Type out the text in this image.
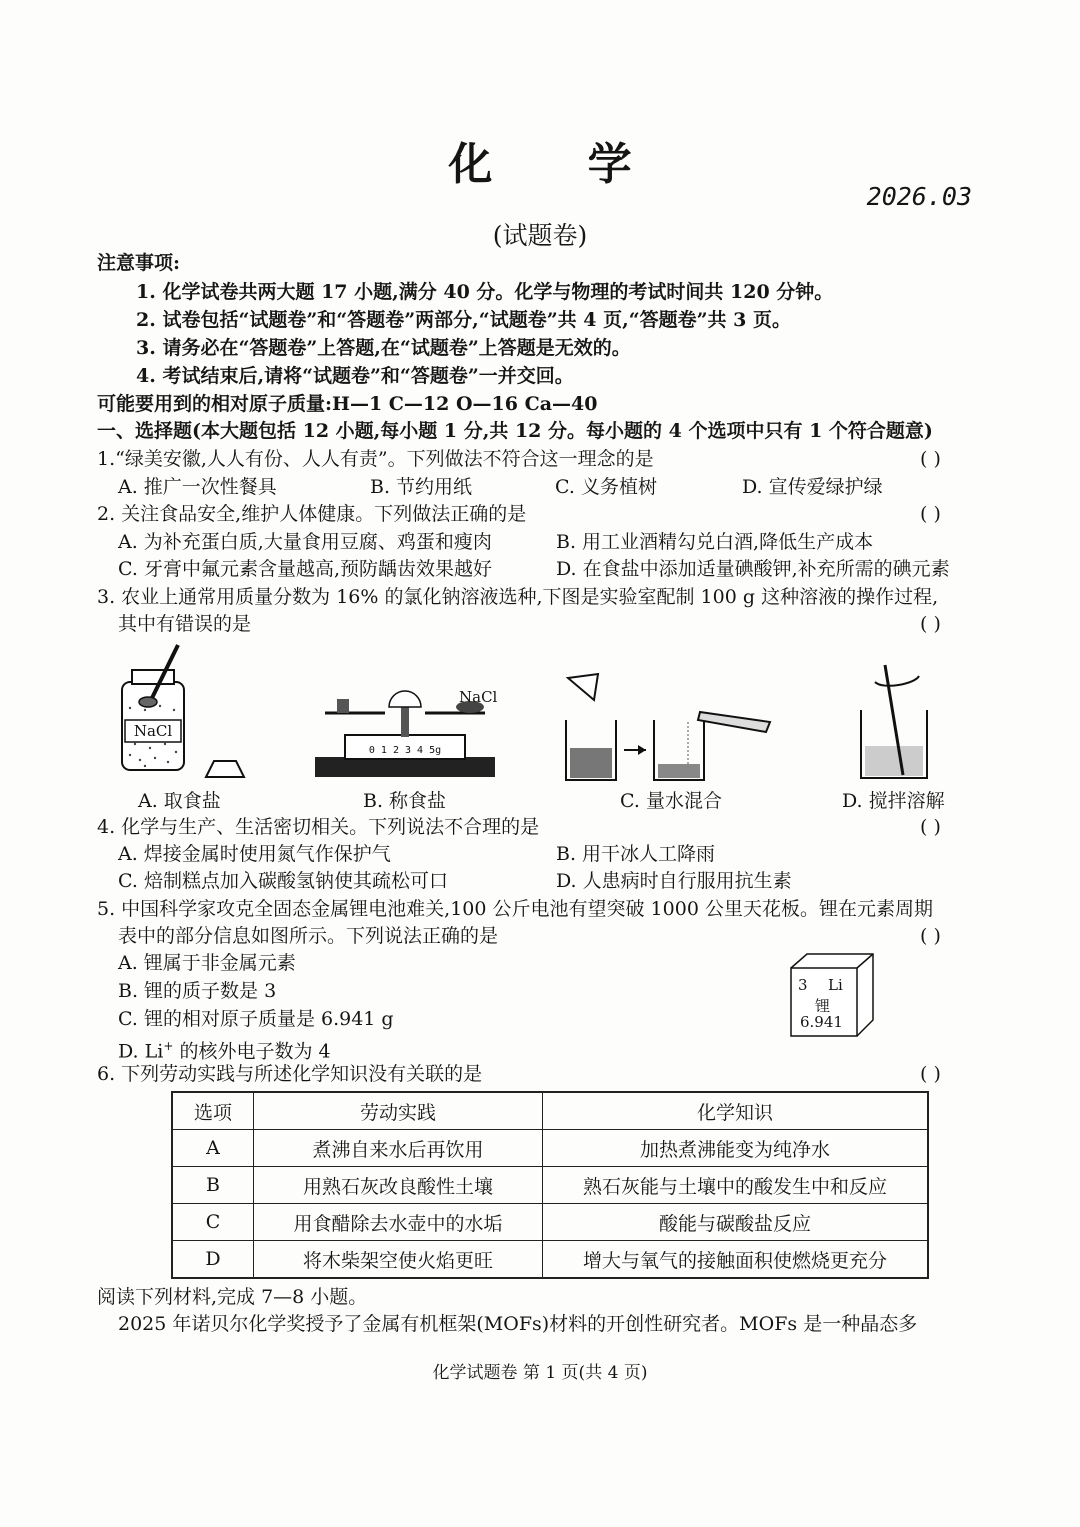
化 学
2026.03
(试题卷)
注意事项:
1. 化学试卷共两大题 17 小题,满分 40 分。化学与物理的考试时间共 120 分钟。
2. 试卷包括“试题卷”和“答题卷”两部分,“试题卷”共 4 页,“答题卷”共 3 页。
3. 请务必在“答题卷”上答题,在“试题卷”上答题是无效的。
4. 考试结束后,请将“试题卷”和“答题卷”一并交回。
可能要用到的相对原子质量:H—1 C—12 O—16 Ca—40
一、选择题(本大题包括 12 小题,每小题 1 分,共 12 分。每小题的 4 个选项中只有 1 个符合题意)
1.“绿美安徽,人人有份、人人有责”。下列做法不符合这一理念的是	( )
A. 推广一次性餐具	B. 节约用纸	C. 义务植树	D. 宣传爱绿护绿
2. 关注食品安全,维护人体健康。下列做法正确的是	( )
A. 为补充蛋白质,大量食用豆腐、鸡蛋和瘦肉	B. 用工业酒精勾兑白酒,降低生产成本
C. 牙膏中氟元素含量越高,预防龋齿效果越好	D. 在食盐中添加适量碘酸钾,补充所需的碘元素
3. 农业上通常用质量分数为 16% 的氯化钠溶液选种,下图是实验室配制 100 g 这种溶液的操作过程,
其中有错误的是	( )
NaCl
0 1 2 3 4 5g
NaCl
A. 取食盐	B. 称食盐	C. 量水混合	D. 搅拌溶解
4. 化学与生产、生活密切相关。下列说法不合理的是	( )
A. 焊接金属时使用氮气作保护气	B. 用干冰人工降雨
C. 焙制糕点加入碳酸氢钠使其疏松可口	D. 人患病时自行服用抗生素
5. 中国科学家攻克全固态金属锂电池难关,100 公斤电池有望突破 1000 公里天花板。锂在元素周期
表中的部分信息如图所示。下列说法正确的是	( )
A. 锂属于非金属元素
B. 锂的质子数是 3
C. 锂的相对原子质量是 6.941 g
D. Li+ 的核外电子数为 4
3 Li
锂
6.941
6. 下列劳动实践与所述化学知识没有关联的是	( )
选项	劳动实践	化学知识
A	煮沸自来水后再饮用	加热煮沸能变为纯净水
B	用熟石灰改良酸性土壤	熟石灰能与土壤中的酸发生中和反应
C	用食醋除去水壶中的水垢	酸能与碳酸盐反应
D	将木柴架空使火焰更旺	增大与氧气的接触面积使燃烧更充分
阅读下列材料,完成 7—8 小题。
2025 年诺贝尔化学奖授予了金属有机框架(MOFs)材料的开创性研究者。MOFs 是一种晶态多
化学试题卷 第 1 页(共 4 页)
